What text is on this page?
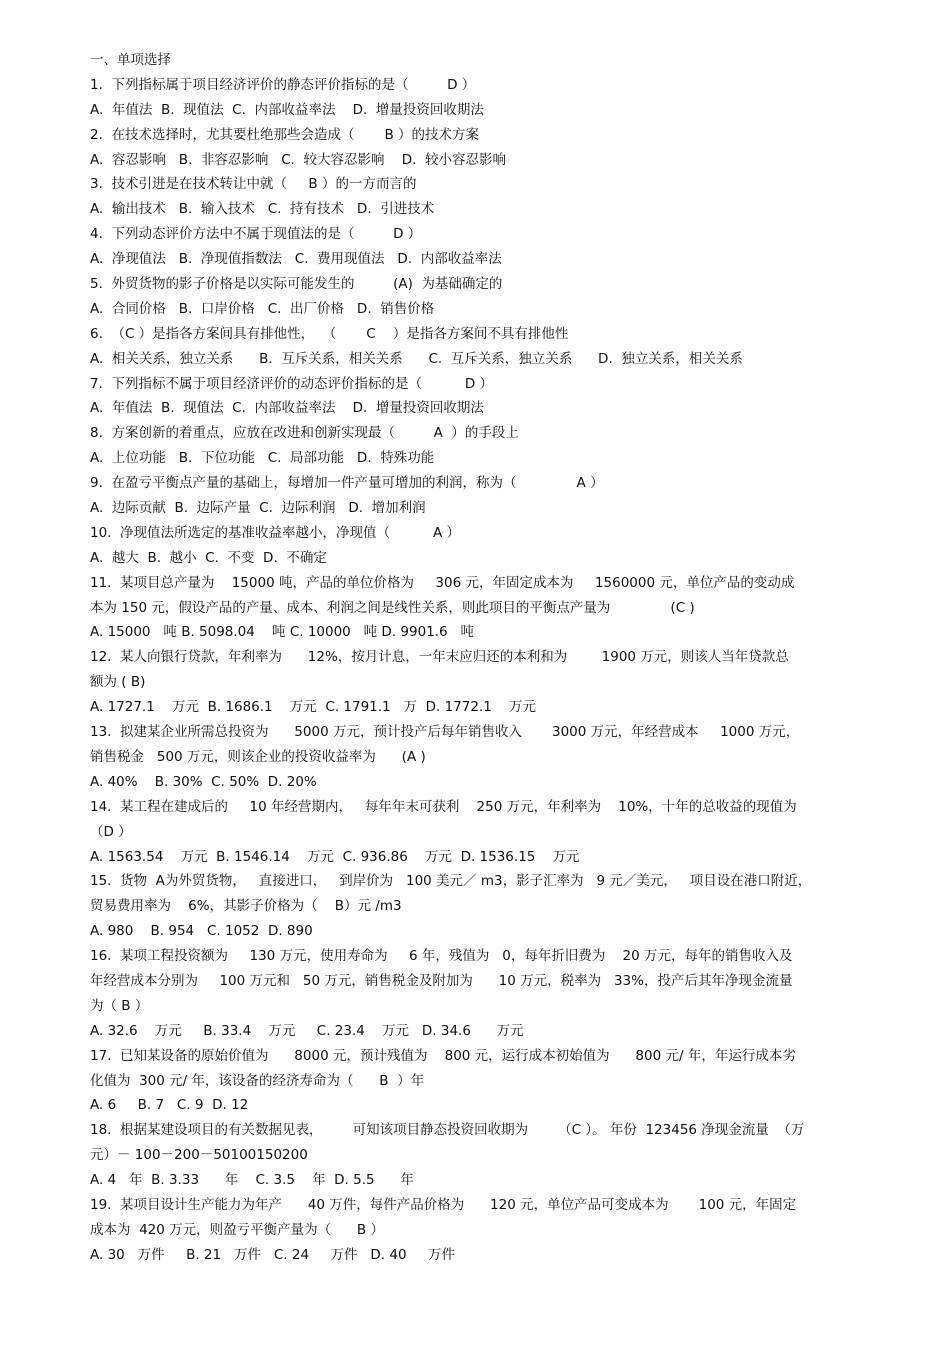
一、单项选择
1.  下列指标属于项目经济评价的静态评价指标的是（         D ）
A.  年值法  B.  现值法  C.  内部收益率法    D.  增量投资回收期法
2.  在技术选择时，尤其要杜绝那些会造成（       B ）的技术方案
A.  容忍影响   B.  非容忍影响   C.  较大容忍影响    D.  较小容忍影响
3.  技术引进是在技术转让中就（     B ）的一方而言的
A.  输出技术   B.  输入技术   C.  持有技术   D.  引进技术
4.  下列动态评价方法中不属于现值法的是（         D ）
A.  净现值法   B.  净现值指数法   C.  费用现值法   D.  内部收益率法
5.  外贸货物的影子价格是以实际可能发生的         (A)  为基础确定的
A.  合同价格   B.  口岸价格   C.  出厂价格   D.  销售价格
6.  （C ）是指各方案间具有排他性，  （       C    ）是指各方案间不具有排他性
A.  相关关系，独立关系      B.  互斥关系，相关关系      C.  互斥关系，独立关系      D.  独立关系，相关关系
7.  下列指标不属于项目经济评价的动态评价指标的是（          D ）
A.  年值法  B.  现值法  C.  内部收益率法    D.  增量投资回收期法
8.  方案创新的着重点，应放在改进和创新实现最（         A  ）的手段上
A.  上位功能   B.  下位功能   C.  局部功能   D.  特殊功能
9.  在盈亏平衡点产量的基础上，每增加一件产量可增加的利润，称为（              A ）
A.  边际贡献  B.  边际产量  C.  边际利润   D.  增加利润
10.  净现值法所选定的基准收益率越小，净现值（          A ）
A.  越大  B.  越小  C.  不变  D.  不确定
11.  某项目总产量为    15000 吨，产品的单位价格为     306 元，年固定成本为     1560000 元，单位产品的变动成
本为 150 元，假设产品的产量、成本、利润之间是线性关系，则此项目的平衡点产量为              (C )
A. 15000   吨 B. 5098.04    吨 C. 10000   吨 D. 9901.6   吨
12.  某人向银行贷款，年利率为      12%，按月计息，一年末应归还的本利和为        1900 万元，则该人当年贷款总
额为 ( B)
A. 1727.1    万元  B. 1686.1    万元  C. 1791.1   万  D. 1772.1    万元
13.  拟建某企业所需总投资为      5000 万元，预计投产后每年销售收入       3000 万元，年经营成本     1000 万元，
销售税金   500 万元，则该企业的投资收益率为      (A )
A. 40%    B. 30%  C. 50%  D. 20%
14.  某工程在建成后的     10 年经营期内，   每年年末可获利    250 万元，年利率为    10%，十年的总收益的现值为
（D ）
A. 1563.54    万元  B. 1546.14    万元  C. 936.86    万元  D. 1536.15    万元
15.  货物  A为外贸货物，   直接进口，   到岸价为   100 美元／ m3，影子汇率为   9 元／美元，   项目设在港口附近，
贸易费用率为    6%，其影子价格为（    B）元 /m3
A. 980    B. 954   C. 1052  D. 890
16.  某项工程投资额为     130 万元，使用寿命为     6 年，残值为   0，每年折旧费为    20 万元，每年的销售收入及
年经营成本分别为     100 万元和   50 万元，销售税金及附加为      10 万元，税率为   33%，投产后其年净现金流量
为（ B ）
A. 32.6    万元     B. 33.4    万元     C. 23.4    万元   D. 34.6      万元
17.  已知某设备的原始价值为      8000 元，预计残值为    800 元，运行成本初始值为      800 元/ 年，年运行成本劣
化值为  300 元/ 年，该设备的经济寿命为（      B  ）年
A. 6     B. 7   C. 9  D. 12
18.  根据某建设项目的有关数据见表，       可知该项目静态投资回收期为       （C ）。 年份  123456 净现金流量  （万
元）－ 100－200－50100150200
A. 4   年  B. 3.33      年    C. 3.5    年  D. 5.5      年
19.  某项目设计生产能力为年产      40 万件，每件产品价格为      120 元，单位产品可变成本为       100 元，年固定
成本为  420 万元，则盈亏平衡产量为（      B ）
A. 30   万件     B. 21   万件   C. 24     万件   D. 40     万件
